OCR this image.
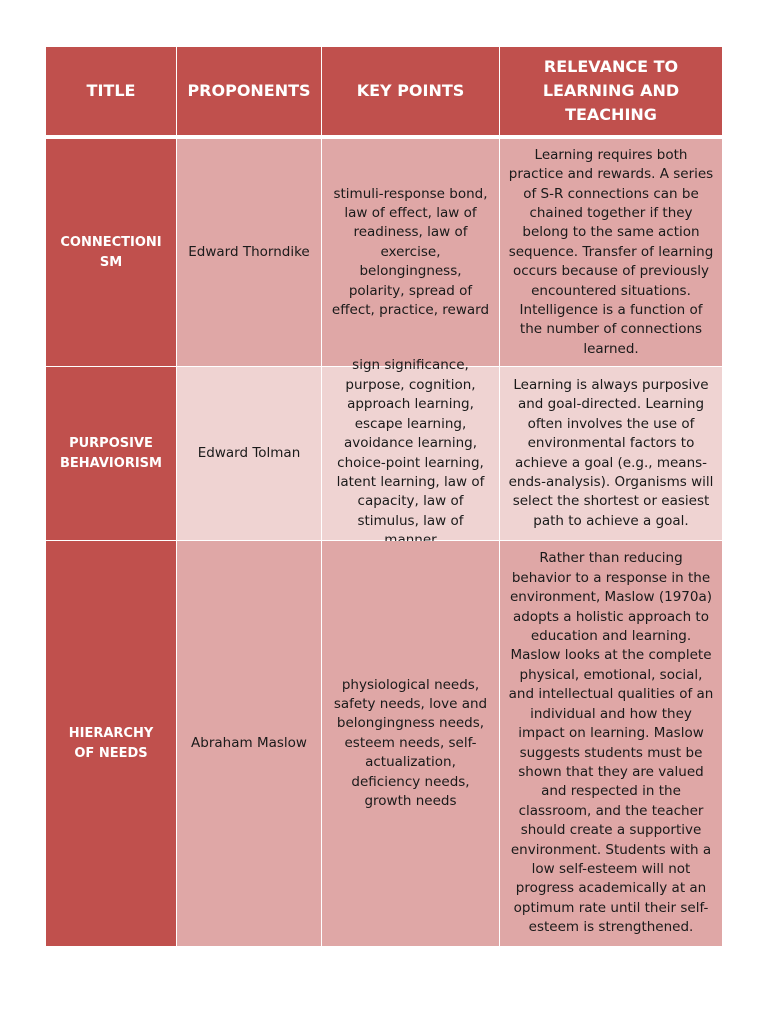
TITLE	PROPONENTS	KEY POINTS
RELEVANCE TO LEARNING AND TEACHING
CONNECTIONISM
Edward Thorndike
stimuli-response bond, law of effect, law of readiness, law of exercise, belongingness, polarity, spread of effect, practice, reward
Learning requires both practice and rewards. A series of S-R connections can be chained together if they belong to the same action sequence. Transfer of learning occurs because of previously encountered situations. Intelligence is a function of the number of connections learned.
PURPOSIVE BEHAVIORISM
Edward Tolman
purpose, cognition, approach learning, escape learning, avoidance learning, choice-point learning, latent learning, law of capacity, law of stimulus, law of
Learning is always purposive and goal-directed. Learning often involves the use of environmental factors to achieve a goal (e.g., means-ends-analysis). Organisms will select the shortest or easiest path to achieve a goal.
HIERARCHY OF NEEDS
Abraham Maslow
physiological needs, safety needs, love and belongingness needs, esteem needs, self-actualization, deficiency needs, growth needs
Rather than reducing behavior to a response in the environment, Maslow (1970a) adopts a holistic approach to education and learning. Maslow looks at the complete physical, emotional, social, and intellectual qualities of an individual and how they impact on learning. Maslow suggests students must be shown that they are valued and respected in the classroom, and the teacher should create a supportive environment. Students with a low self-esteem will not progress academically at an optimum rate until their self-esteem is strengthened.
